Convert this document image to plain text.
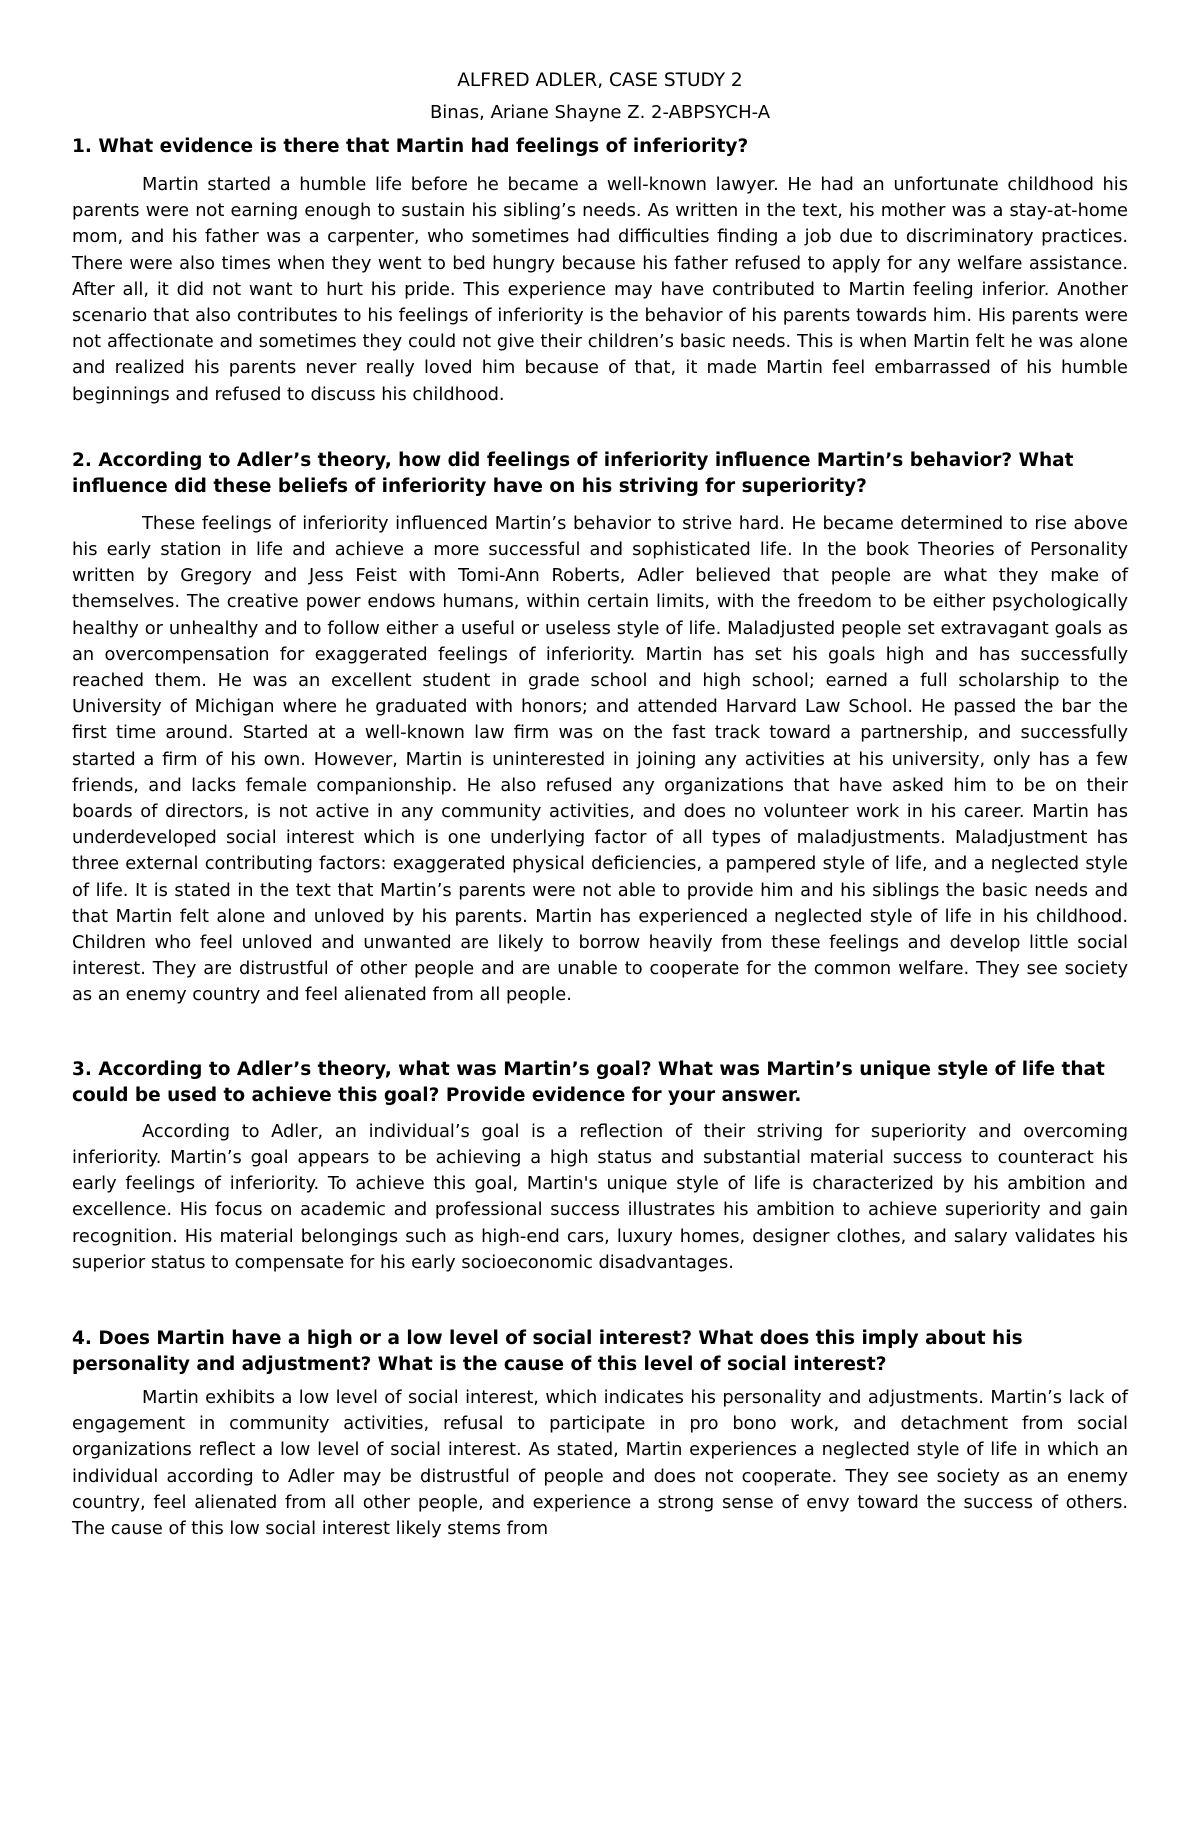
ALFRED ADLER, CASE STUDY 2

Binas, Ariane Shayne Z. 2-ABPSYCH-A

1. What evidence is there that Martin had feelings of inferiority?

Martin started a humble life before he became a well-known lawyer. He had an unfortunate childhood his parents were not earning enough to sustain his sibling’s needs. As written in the text, his mother was a stay-at-home mom, and his father was a carpenter, who sometimes had difficulties finding a job due to discriminatory practices. There were also times when they went to bed hungry because his father refused to apply for any welfare assistance. After all, it did not want to hurt his pride. This experience may have contributed to Martin feeling inferior. Another scenario that also contributes to his feelings of inferiority is the behavior of his parents towards him. His parents were not affectionate and sometimes they could not give their children’s basic needs. This is when Martin felt he was alone and realized his parents never really loved him because of that, it made Martin feel embarrassed of his humble beginnings and refused to discuss his childhood.

2. According to Adler’s theory, how did feelings of inferiority influence Martin’s behavior? What influence did these beliefs of inferiority have on his striving for superiority?

These feelings of inferiority influenced Martin’s behavior to strive hard. He became determined to rise above his early station in life and achieve a more successful and sophisticated life. In the book Theories of Personality written by Gregory and Jess Feist with Tomi-Ann Roberts, Adler believed that people are what they make of themselves. The creative power endows humans, within certain limits, with the freedom to be either psychologically healthy or unhealthy and to follow either a useful or useless style of life. Maladjusted people set extravagant goals as an overcompensation for exaggerated feelings of inferiority. Martin has set his goals high and has successfully reached them. He was an excellent student in grade school and high school; earned a full scholarship to the University of Michigan where he graduated with honors; and attended Harvard Law School. He passed the bar the first time around. Started at a well-known law firm was on the fast track toward a partnership, and successfully started a firm of his own. However, Martin is uninterested in joining any activities at his university, only has a few friends, and lacks female companionship. He also refused any organizations that have asked him to be on their boards of directors, is not active in any community activities, and does no volunteer work in his career. Martin has underdeveloped social interest which is one underlying factor of all types of maladjustments. Maladjustment has three external contributing factors: exaggerated physical deficiencies, a pampered style of life, and a neglected style of life. It is stated in the text that Martin’s parents were not able to provide him and his siblings the basic needs and that Martin felt alone and unloved by his parents. Martin has experienced a neglected style of life in his childhood. Children who feel unloved and unwanted are likely to borrow heavily from these feelings and develop little social interest. They are distrustful of other people and are unable to cooperate for the common welfare. They see society as an enemy country and feel alienated from all people.

3. According to Adler’s theory, what was Martin’s goal? What was Martin’s unique style of life that could be used to achieve this goal? Provide evidence for your answer.

According to Adler, an individual’s goal is a reflection of their striving for superiority and overcoming inferiority. Martin’s goal appears to be achieving a high status and substantial material success to counteract his early feelings of inferiority. To achieve this goal, Martin's unique style of life is characterized by his ambition and excellence. His focus on academic and professional success illustrates his ambition to achieve superiority and gain recognition. His material belongings such as high-end cars, luxury homes, designer clothes, and salary validates his superior status to compensate for his early socioeconomic disadvantages.

4. Does Martin have a high or a low level of social interest? What does this imply about his personality and adjustment? What is the cause of this level of social interest?

Martin exhibits a low level of social interest, which indicates his personality and adjustments. Martin’s lack of engagement in community activities, refusal to participate in pro bono work, and detachment from social organizations reflect a low level of social interest. As stated, Martin experiences a neglected style of life in which an individual according to Adler may be distrustful of people and does not cooperate. They see society as an enemy country, feel alienated from all other people, and experience a strong sense of envy toward the success of others. The cause of this low social interest likely stems from
